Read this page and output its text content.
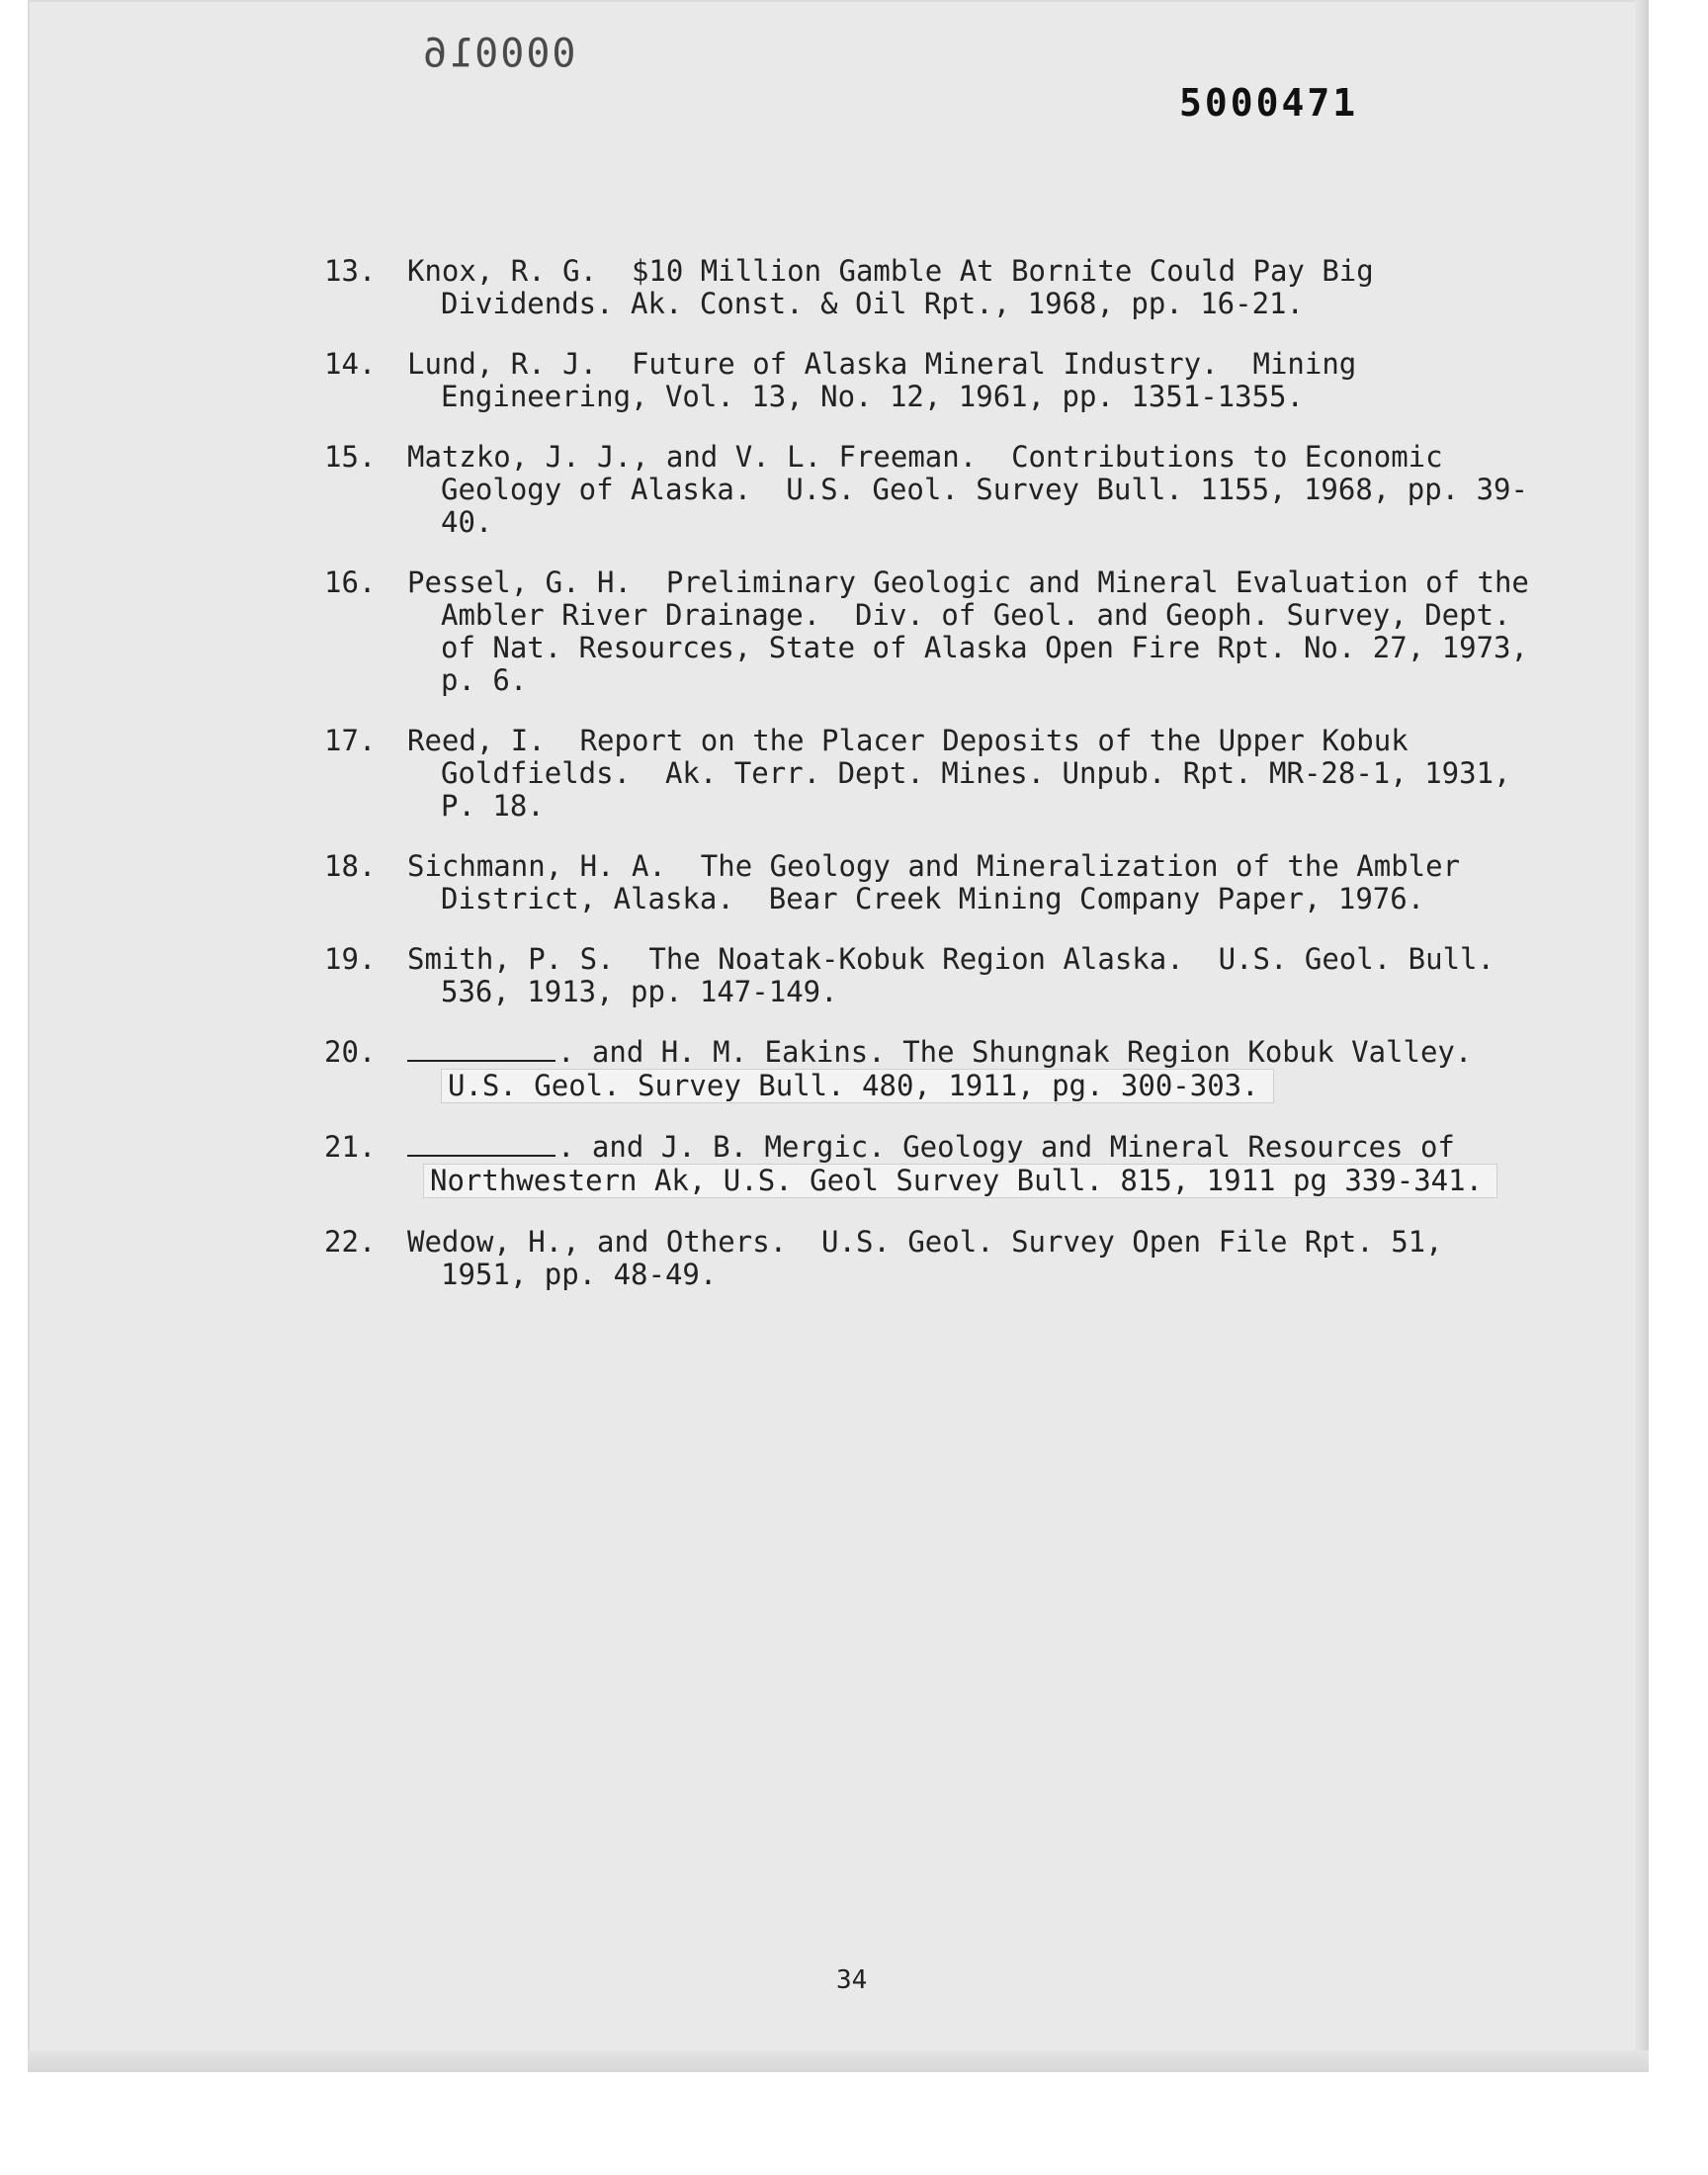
9Ɩ0000
5000471
13.	Knox, R. G.  $10 Million Gamble At Bornite Could Pay Big Dividends. Ak. Const. & Oil Rpt., 1968, pp. 16-21.
14.	Lund, R. J.  Future of Alaska Mineral Industry.  Mining Engineering, Vol. 13, No. 12, 1961, pp. 1351-1355.
15.	Matzko, J. J., and V. L. Freeman.  Contributions to Economic Geology of Alaska.  U.S. Geol. Survey Bull. 1155, 1968, pp. 39-40.
16.	Pessel, G. H.  Preliminary Geologic and Mineral Evaluation of the Ambler River Drainage.  Div. of Geol. and Geoph. Survey, Dept. of Nat. Resources, State of Alaska Open Fire Rpt. No. 27, 1973, p. 6.
17.	Reed, I.  Report on the Placer Deposits of the Upper Kobuk Goldfields.  Ak. Terr. Dept. Mines. Unpub. Rpt. MR-28-1, 1931, P. 18.
18.	Sichmann, H. A.  The Geology and Mineralization of the Ambler District, Alaska.  Bear Creek Mining Company Paper, 1976.
19.	Smith, P. S.  The Noatak-Kobuk Region Alaska.  U.S. Geol. Bull. 536, 1913, pp. 147-149.
20.	. and H. M. Eakins. The Shungnak Region Kobuk Valley.
U.S. Geol. Survey Bull. 480, 1911, pg. 300-303.
21.	. and J. B. Mergic. Geology and Mineral Resources of
Northwestern Ak, U.S. Geol Survey Bull. 815, 1911 pg 339-341.
22.	Wedow, H., and Others.  U.S. Geol. Survey Open File Rpt. 51, 1951, pp. 48-49.
34
